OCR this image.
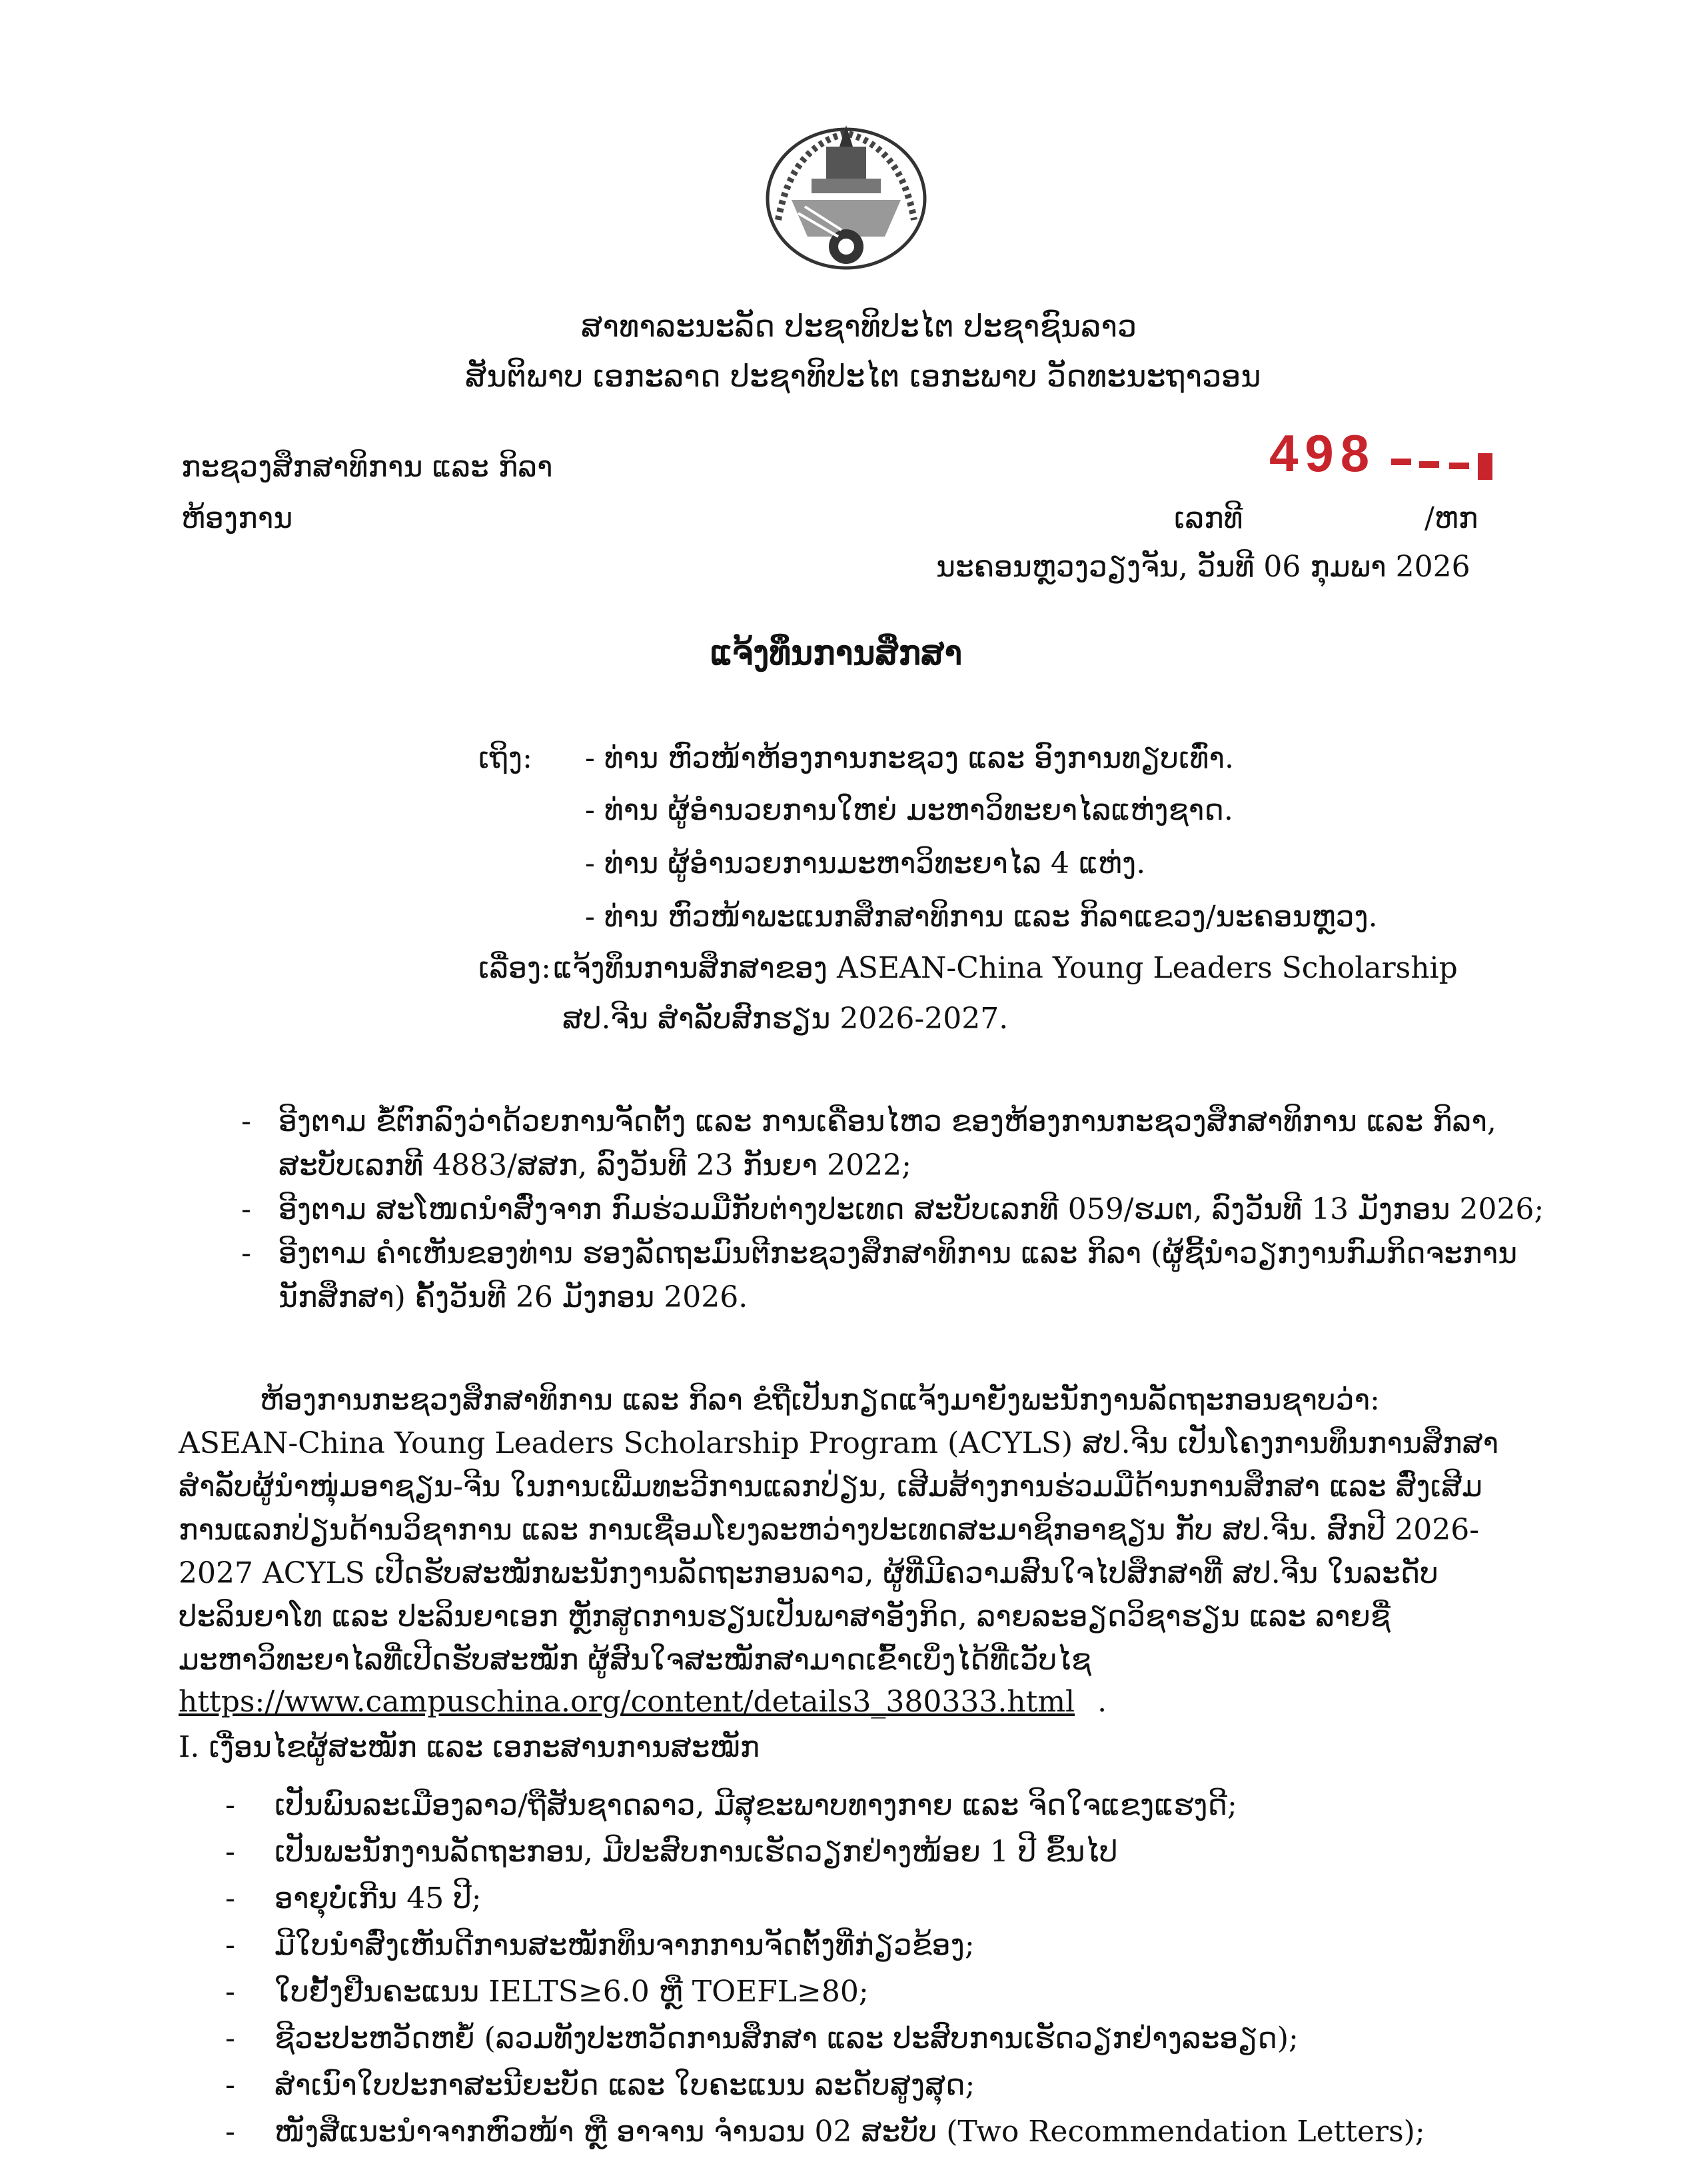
ສາທາລະນະລັດ ປະຊາທິປະໄຕ ປະຊາຊົນລາວ
ສັນຕິພາບ ເອກະລາດ ປະຊາທິປະໄຕ ເອກະພາບ ວັດທະນະຖາວອນ
ກະຊວງສຶກສາທິການ ແລະ ກິລາ
ຫ້ອງການ
498
ເລກທີ	/ຫກ
ນະຄອນຫຼວງວຽງຈັນ, ວັນທີ 06 ກຸມພາ 2026
ແຈ້ງທຶນການສຶກສາ
ເຖິງ: - ທ່ານ ຫົວໜ້າຫ້ອງການກະຊວງ ແລະ ອົງການທຽບເທົ່າ.
- ທ່ານ ຜູ້ອຳນວຍການໃຫຍ່ ມະຫາວິທະຍາໄລແຫ່ງຊາດ.
- ທ່ານ ຜູ້ອຳນວຍການມະຫາວິທະຍາໄລ 4 ແຫ່ງ.
- ທ່ານ ຫົວໜ້າພະແນກສຶກສາທິການ ແລະ ກິລາແຂວງ/ນະຄອນຫຼວງ.
ເລື່ອງ: ແຈ້ງທຶນການສຶກສາຂອງ ASEAN-China Young Leaders Scholarship
ສປ.ຈີນ ສຳລັບສົກຮຽນ 2026-2027.
- ອີງຕາມ ຂໍ້ຕົກລົງວ່າດ້ວຍການຈັດຕັ້ງ ແລະ ການເຄື່ອນໄຫວ ຂອງຫ້ອງການກະຊວງສຶກສາທິການ ແລະ ກິລາ,
ສະບັບເລກທີ 4883/ສສກ, ລົງວັນທີ 23 ກັນຍາ 2022;
- ອີງຕາມ ສະໂໜດນຳສົ່ງຈາກ ກົມຮ່ວມມືກັບຕ່າງປະເທດ ສະບັບເລກທີ 059/ຮມຕ, ລົງວັນທີ 13 ມັງກອນ 2026;
- ອີງຕາມ ຄຳເຫັນຂອງທ່ານ ຮອງລັດຖະມົນຕີກະຊວງສຶກສາທິການ ແລະ ກິລາ (ຜູ້ຊີ້ນຳວຽກງານກົມກິດຈະການ
ນັກສຶກສາ) ຄັ້ງວັນທີ 26 ມັງກອນ 2026.
ຫ້ອງການກະຊວງສຶກສາທິການ ແລະ ກິລາ ຂໍຖືເປັນກຽດແຈ້ງມາຍັງພະນັກງານລັດຖະກອນຊາບວ່າ:
ASEAN-China Young Leaders Scholarship Program (ACYLS) ສປ.ຈີນ ເປັນໂຄງການທຶນການສຶກສາ
ສຳລັບຜູ້ນຳໜຸ່ມອາຊຽນ-ຈີນ ໃນການເພີ່ມທະວີການແລກປ່ຽນ, ເສີມສ້າງການຮ່ວມມືດ້ານການສຶກສາ ແລະ ສົ່ງເສີມ
ການແລກປ່ຽນດ້ານວິຊາການ ແລະ ການເຊື່ອມໂຍງລະຫວ່າງປະເທດສະມາຊິກອາຊຽນ ກັບ ສປ.ຈີນ. ສົກປີ 2026-
2027 ACYLS ເປີດຮັບສະໝັກພະນັກງານລັດຖະກອນລາວ, ຜູ້ທີ່ມີຄວາມສົນໃຈໄປສຶກສາທີ່ ສປ.ຈີນ ໃນລະດັບ
ປະລິນຍາໂທ ແລະ ປະລິນຍາເອກ ຫຼັກສູດການຮຽນເປັນພາສາອັງກິດ, ລາຍລະອຽດວິຊາຮຽນ ແລະ ລາຍຊື່
ມະຫາວິທະຍາໄລທີ່ເປີດຮັບສະໝັກ ຜູ້ສົນໃຈສະໝັກສາມາດເຂົ້າເບິ່ງໄດ້ທີ່ເວັບໄຊ
https://www.campuschina.org/content/details3_380333.html .
I. ເງື່ອນໄຂຜູ້ສະໝັກ ແລະ ເອກະສານການສະໝັກ
- ເປັນພົນລະເມືອງລາວ/ຖືສັນຊາດລາວ, ມີສຸຂະພາບທາງກາຍ ແລະ ຈິດໃຈແຂງແຮງດີ;
- ເປັນພະນັກງານລັດຖະກອນ, ມີປະສົບການເຮັດວຽກຢ່າງໜ້ອຍ 1 ປີ ຂຶ້ນໄປ
- ອາຍຸບໍ່ເກີນ 45 ປີ;
- ມີໃບນຳສົ່ງເຫັນດີການສະໝັກທຶນຈາກການຈັດຕັ້ງທີ່ກ່ຽວຂ້ອງ;
- ໃບຢັ້ງຢືນຄະແນນ IELTS≥6.0 ຫຼື TOEFL≥80;
- ຊີວະປະຫວັດຫຍໍ້ (ລວມທັງປະຫວັດການສຶກສາ ແລະ ປະສົບການເຮັດວຽກຢ່າງລະອຽດ);
- ສຳເນົາໃບປະກາສະນີຍະບັດ ແລະ ໃບຄະແນນ ລະດັບສູງສຸດ;
- ໜັງສືແນະນຳຈາກຫົວໜ້າ ຫຼື ອາຈານ ຈຳນວນ 02 ສະບັບ (Two Recommendation Letters);
